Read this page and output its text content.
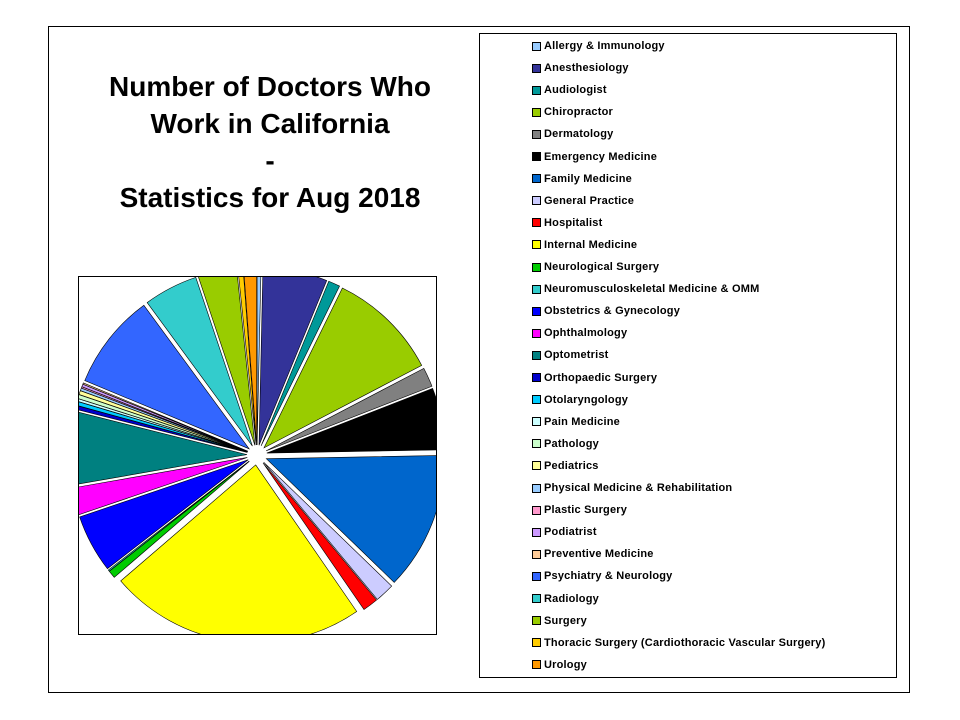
Number of Doctors Who
Work in California
-
Statistics for Aug 2018
Allergy & Immunology
Anesthesiology
Audiologist
Chiropractor
Dermatology
Emergency Medicine
Family Medicine
General Practice
Hospitalist
Internal Medicine
Neurological Surgery
Neuromusculoskeletal Medicine & OMM
Obstetrics & Gynecology
Ophthalmology
Optometrist
Orthopaedic Surgery
Otolaryngology
Pain Medicine
Pathology
Pediatrics
Physical Medicine & Rehabilitation
Plastic Surgery
Podiatrist
Preventive Medicine
Psychiatry & Neurology
Radiology
Surgery
Thoracic Surgery (Cardiothoracic Vascular Surgery)
Urology
